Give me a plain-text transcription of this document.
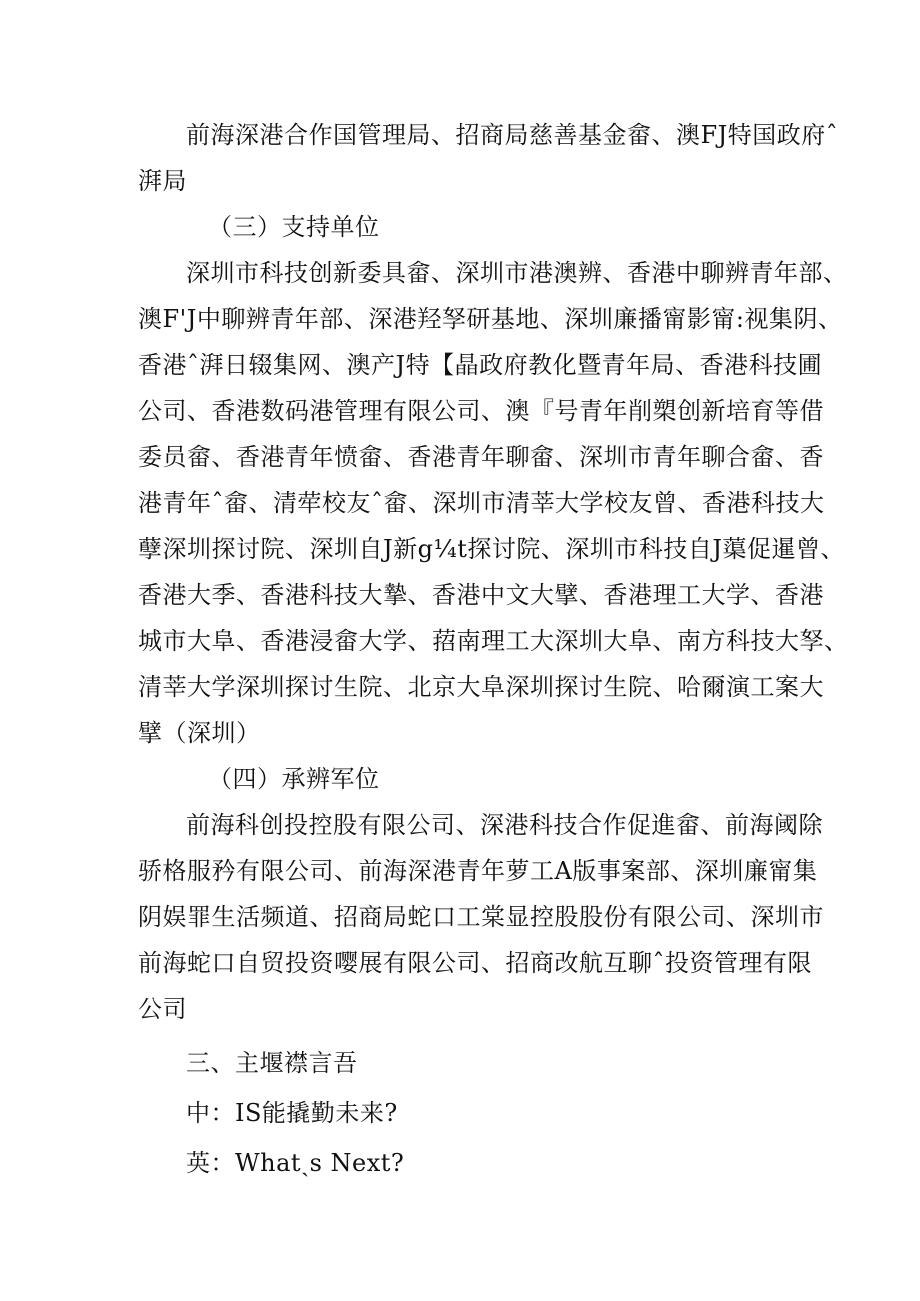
前海深港合作国管理局、招商局慈善基金畲、澳FJ特国政府ˆ
湃局
（三）支持单位
深圳市科技创新委具畲、深圳市港澳辨、香港中聊辨青年部、
澳F'J中聊辨青年部、深港羟孥研基地、深圳廉播甯影甯:视集阴、
香港ˆ湃日辍集网、澳产J特【晶政府教化暨青年局、香港科技圃
公司、香港数码港管理有限公司、澳『号青年削槊创新培育等借
委员畲、香港青年愤畲、香港青年聊畲、深圳市青年聊合畲、香
港青年ˆ畲、清荦校友ˆ畲、深圳市清莘大学校友曾、香港科技大
孽深圳探讨院、深圳自J新g¼t探讨院、深圳市科技自J蕖促暹曾、
香港大季、香港科技大摯、香港中文大擘、香港理工大学、香港
城市大阜、香港浸畲大学、萔南理工大深圳大阜、南方科技大孥、
清莘大学深圳探讨生院、北京大阜深圳探讨生院、哈爾演工案大
擘（深圳）
（四）承辨军位
前海科创投控股有限公司、深港科技合作促進畲、前海阈除
骄格服矜有限公司、前海深港青年萝工A版事案部、深圳廉甯集
阴娱罪生活频道、招商局蛇口工棠显控股股份有限公司、深圳市
前海蛇口自贸投资嘤展有限公司、招商改航互聊ˆ投资管理有限
公司
三、主堰襟言吾
中：IS能撬勤未来?
英：Whatˏs Next?
